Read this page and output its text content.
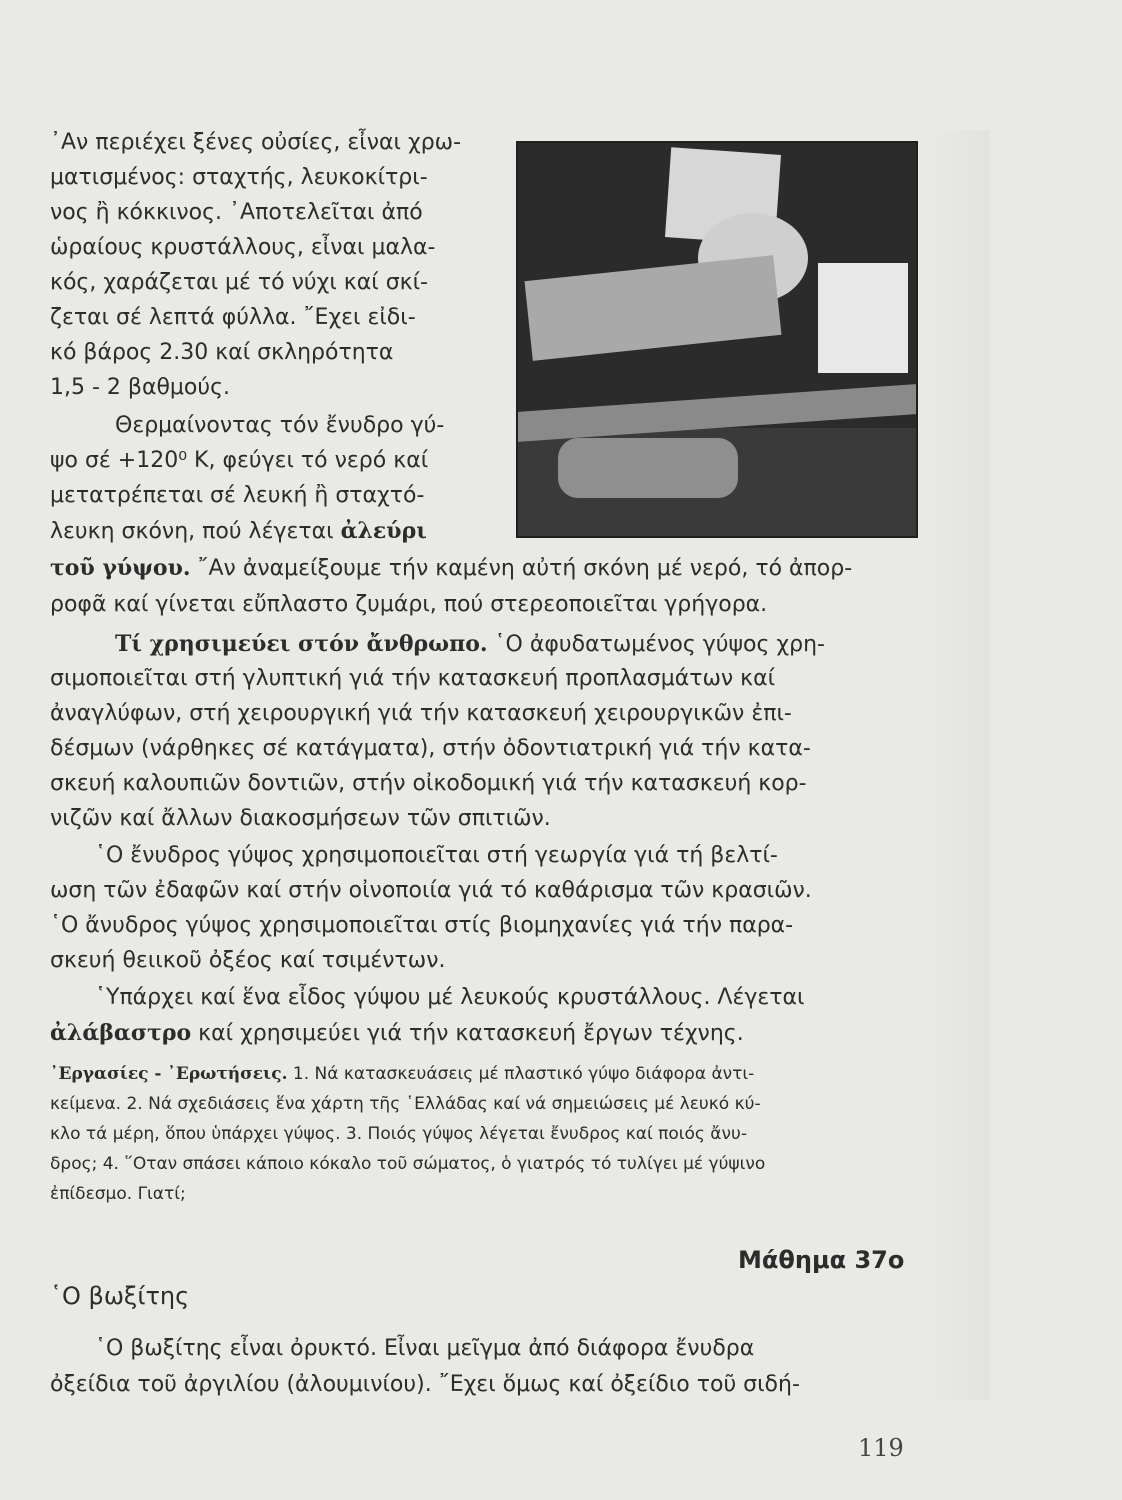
᾿Αν περιέχει ξένες οὐσίες, εἶναι χρω-
ματισμένος: σταχτής, λευκοκίτρι-
νος ἢ κόκκινος. ᾿Αποτελεῖται ἀπό
ὡραίους κρυστάλλους, εἶναι μαλα-
κός, χαράζεται μέ τό νύχι καί σκί-
ζεται σέ λεπτά φύλλα. ῎Εχει εἰδι-
κό βάρος 2.30 καί σκληρότητα
1,5 - 2 βαθμούς.
Θερμαίνοντας τόν ἔνυδρο γύ-
ψο σέ +120⁰ Κ, φεύγει τό νερό καί
μετατρέπεται σέ λευκή ἢ σταχτό-
λευκη σκόνη, πού λέγεται ἀλεύρι
τοῦ γύψου. ῎Αν ἀναμείξουμε τήν καμένη αὐτή σκόνη μέ νερό, τό ἀπορ-
ροφᾶ καί γίνεται εὔπλαστο ζυμάρι, πού στερεοποιεῖται γρήγορα.
Τί χρησιμεύει στόν ἄνθρωπο. ῾Ο ἀφυδατωμένος γύψος χρη-
σιμοποιεῖται στή γλυπτική γιά τήν κατασκευή προπλασμάτων καί
ἀναγλύφων, στή χειρουργική γιά τήν κατασκευή χειρουργικῶν ἐπι-
δέσμων (νάρθηκες σέ κατάγματα), στήν ὀδοντιατρική γιά τήν κατα-
σκευή καλουπιῶν δοντιῶν, στήν οἰκοδομική γιά τήν κατασκευή κορ-
νιζῶν καί ἄλλων διακοσμήσεων τῶν σπιτιῶν.
῾Ο ἔνυδρος γύψος χρησιμοποιεῖται στή γεωργία γιά τή βελτί-
ωση τῶν ἐδαφῶν καί στήν οἰνοποιία γιά τό καθάρισμα τῶν κρασιῶν.
῾Ο ἄνυδρος γύψος χρησιμοποιεῖται στίς βιομηχανίες γιά τήν παρα-
σκευή θειικοῦ ὀξέος καί τσιμέντων.
῾Υπάρχει καί ἕνα εἶδος γύψου μέ λευκούς κρυστάλλους. Λέγεται
ἀλάβαστρο καί χρησιμεύει γιά τήν κατασκευή ἔργων τέχνης.
᾿Εργασίες - ᾿Ερωτήσεις. 1. Νά κατασκευάσεις μέ πλαστικό γύψο διάφορα ἀντι-
κείμενα. 2. Νά σχεδιάσεις ἕνα χάρτη τῆς ῾Ελλάδας καί νά σημειώσεις μέ λευκό κύ-
κλο τά μέρη, ὅπου ὑπάρχει γύψος. 3. Ποιός γύψος λέγεται ἔνυδρος καί ποιός ἄνυ-
δρος; 4. ῞Οταν σπάσει κάποιο κόκαλο τοῦ σώματος, ὁ γιατρός τό τυλίγει μέ γύψινο
ἐπίδεσμο. Γιατί;
Μάθημα 37ο
῾Ο βωξίτης
῾Ο βωξίτης εἶναι ὀρυκτό. Εἶναι μεῖγμα ἀπό διάφορα ἔνυδρα
ὀξείδια τοῦ ἀργιλίου (ἀλουμινίου). ῎Εχει ὅμως καί ὀξείδιο τοῦ σιδή-
119
